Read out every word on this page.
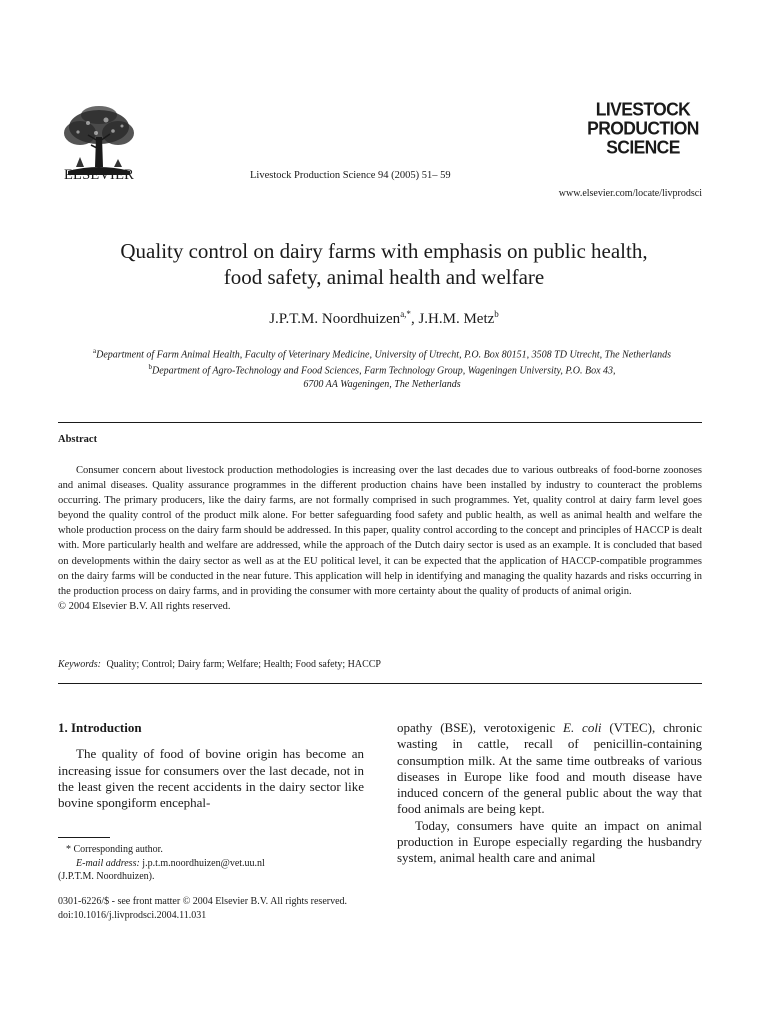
ELSEVIER	Livestock Production Science 94 (2005) 51– 59
LIVESTOCK
PRODUCTION
SCIENCE
www.elsevier.com/locate/livprodsci
Quality control on dairy farms with emphasis on public health,
food safety, animal health and welfare
J.P.T.M. Noordhuizen$^{a,*}$, J.H.M. Metz$^b$
$^a$Department of Farm Animal Health, Faculty of Veterinary Medicine, University of Utrecht, P.O. Box 80151, 3508 TD Utrecht, The Netherlands
$^b$Department of Agro-Technology and Food Sciences, Farm Technology Group, Wageningen University, P.O. Box 43,
6700 AA Wageningen, The Netherlands
Abstract

Consumer concern about livestock production methodologies is increasing over the last decades due to various outbreaks of food-borne zoonoses and animal diseases. Quality assurance programmes in the different production chains have been installed by industry to counteract the problems occurring. The primary producers, like the dairy farms, are not formally comprised in such programmes. Yet, quality control at dairy farm level goes beyond the quality control of the product milk alone. For better safeguarding food safety and public health, as well as animal health and welfare the whole production process on the dairy farm should be addressed. In this paper, quality control according to the concept and principles of HACCP is dealt with. More particularly health and welfare are addressed, while the approach of the Dutch dairy sector is used as an example. It is concluded that based on developments within the dairy sector as well as at the EU political level, it can be expected that the application of HACCP-compatible programmes on the dairy farms will be conducted in the near future. This application will help in identifying and managing the quality hazards and risks occurring in the production process on dairy farms, and in providing the consumer with more certainty about the quality of products of animal origin.

© 2004 Elsevier B.V. All rights reserved.

Keywords: Quality; Control; Dairy farm; Welfare; Health; Food safety; HACCP
1. Introduction

The quality of food of bovine origin has become an increasing issue for consumers over the last decade, not in the least given the recent accidents in the dairy sector like bovine spongiform encephal-

opathy (BSE), verotoxigenic E. coli (VTEC), chronic wasting in cattle, recall of penicillin-containing consumption milk. At the same time outbreaks of various diseases in Europe like food and mouth disease have induced concern of the general public about the way that food animals are being kept.

Today, consumers have quite an impact on animal production in Europe especially regarding the husbandry system, animal health care and animal

* Corresponding author.
E-mail address: j.p.t.m.noordhuizen@vet.uu.nl
(J.P.T.M. Noordhuizen).
0301-6226/$ - see front matter © 2004 Elsevier B.V. All rights reserved.
doi:10.1016/j.livprodsci.2004.11.031
